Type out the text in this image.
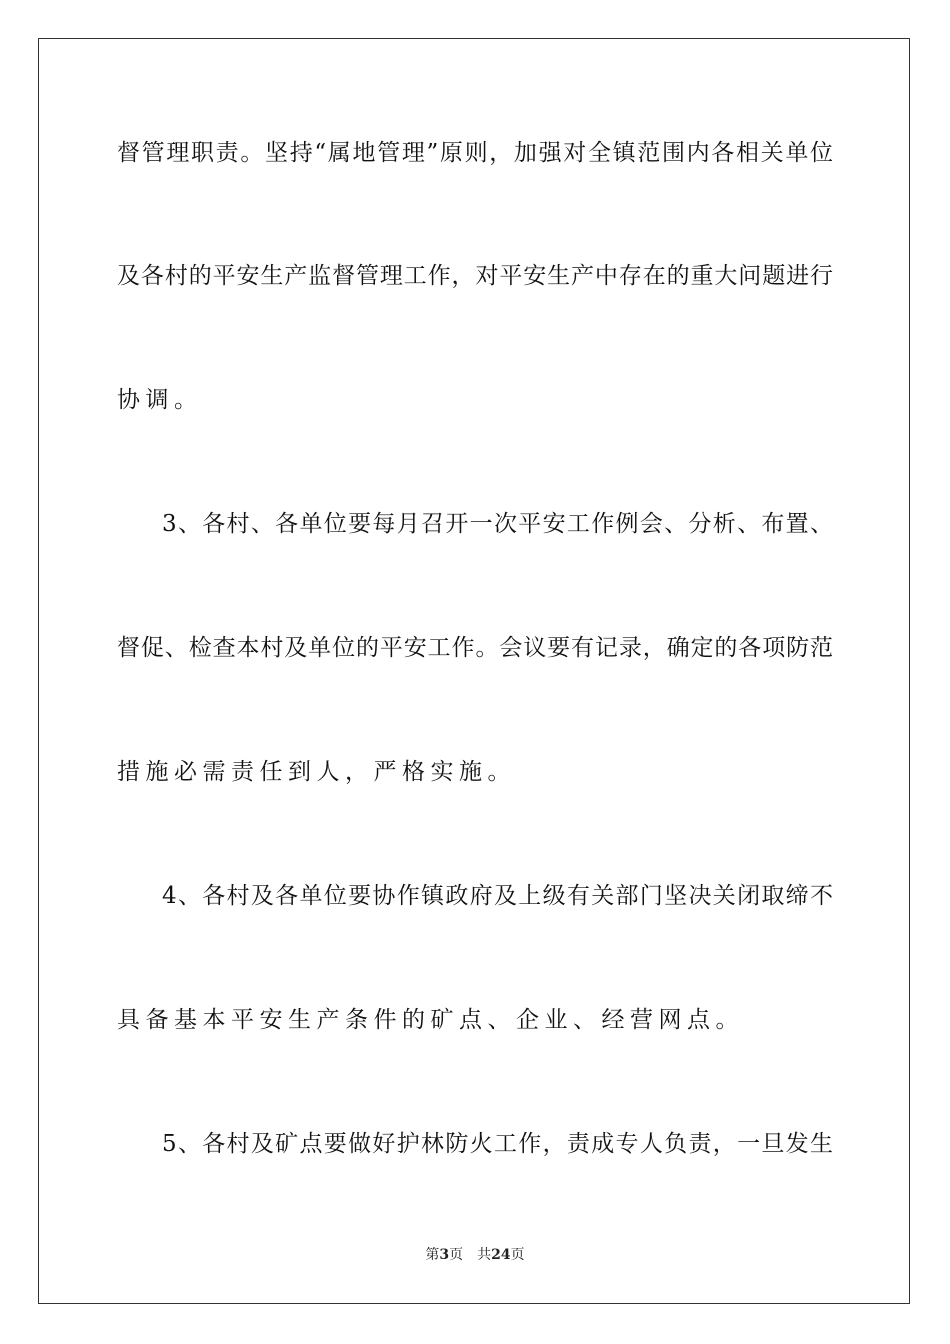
督管理职责。坚持“属地管理”原则，加强对全镇范围内各相关单位
及各村的平安生产监督管理工作，对平安生产中存在的重大问题进行
协调。
3、各村、各单位要每月召开一次平安工作例会、分析、布置、
督促、检查本村及单位的平安工作。会议要有记录，确定的各项防范
措施必需责任到人，严格实施。
4、各村及各单位要协作镇政府及上级有关部门坚决关闭取缔不
具备基本平安生产条件的矿点、企业、经营网点。
5、各村及矿点要做好护林防火工作，责成专人负责，一旦发生
第3页 共24页
